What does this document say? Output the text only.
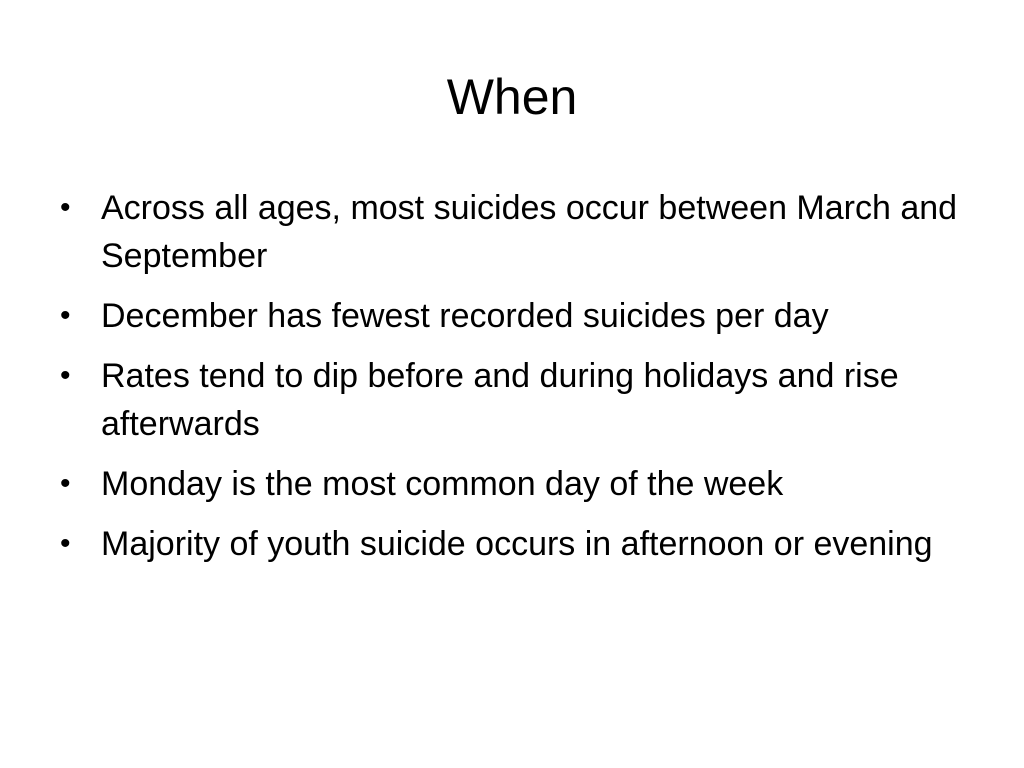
When
• Across all ages, most suicides occur between March and September
• December has fewest recorded suicides per day
• Rates tend to dip before and during holidays and rise afterwards
• Monday is the most common day of the week
• Majority of youth suicide occurs in afternoon or evening
